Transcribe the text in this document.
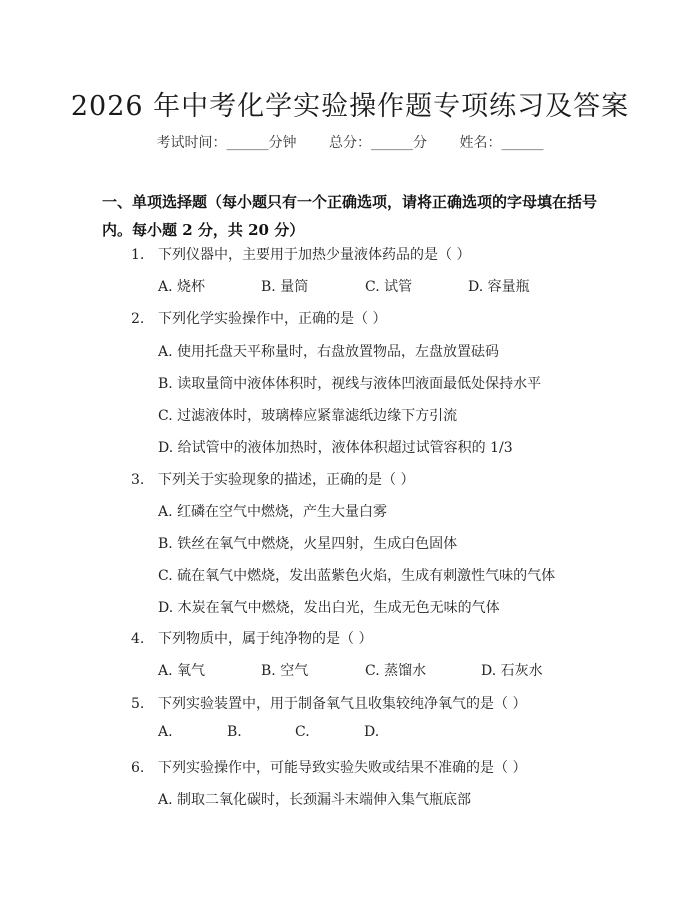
2026 年中考化学实验操作题专项练习及答案
考试时间：______分钟 总分：______分 姓名：______
一、单项选择题（每小题只有一个正确选项，请将正确选项的字母填在括号内。每小题 2 分，共 20 分）
1. 下列仪器中，主要用于加热少量液体药品的是（ ）
A. 烧杯	B. 量筒	C. 试管	D. 容量瓶
2. 下列化学实验操作中，正确的是（ ）
A. 使用托盘天平称量时，右盘放置物品，左盘放置砝码
B. 读取量筒中液体体积时，视线与液体凹液面最低处保持水平
C. 过滤液体时，玻璃棒应紧靠滤纸边缘下方引流
D. 给试管中的液体加热时，液体体积超过试管容积的 1/3
3. 下列关于实验现象的描述，正确的是（ ）
A. 红磷在空气中燃烧，产生大量白雾
B. 铁丝在氧气中燃烧，火星四射，生成白色固体
C. 硫在氧气中燃烧，发出蓝紫色火焰，生成有刺激性气味的气体
D. 木炭在氧气中燃烧，发出白光，生成无色无味的气体
4. 下列物质中，属于纯净物的是（ ）
A. 氧气	B. 空气	C. 蒸馏水	D. 石灰水
5. 下列实验装置中，用于制备氧气且收集较纯净氧气的是（ ）
A.	B.	C.	D.
6. 下列实验操作中，可能导致实验失败或结果不准确的是（ ）
A. 制取二氧化碳时，长颈漏斗末端伸入集气瓶底部
